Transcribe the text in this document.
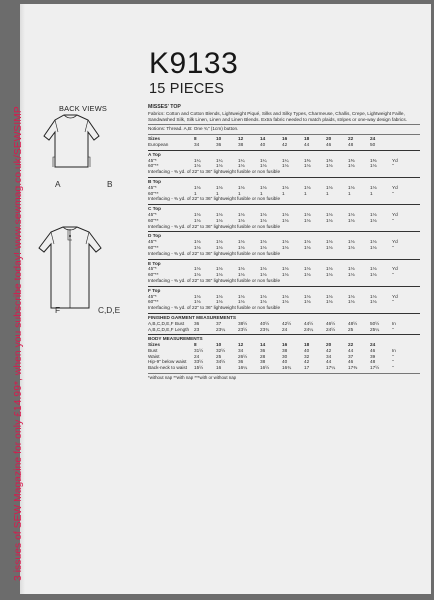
3 issues of SEW Magazine for only £14.99*, when you subscribe today! www.sewmag.co.uk/SEWSIMP
K9133
15 PIECES
BACK VIEWS
A	B
F	C,D,E
MISSES' TOP
Fabrics: Cotton and Cotton Blends, Lightweight Piqué, Silks and Silky Types, Charmeuse, Challis, Crepe, Lightweight Faille, Sandwashed Silk, Silk Linen, Linen and Linen Blends. Extra fabric needed to match plaids, stripes or one-way design fabrics.
Notions: Thread. A,B: One ¾" (1cm) button.
Sizes	8	10	12	14	16	18	20	22	24
European	34	36	38	40	42	44	46	48	50
A Top
45"*	1¼	1¼	1¼	1¼	1¼	1⅜	1⅜	1⅜	1⅜	Yd
60"**	1⅛	1⅛	1⅛	1⅛	1⅛	1⅛	1⅛	1⅛	1⅛	"
Interfacing - ⅜ yd. of 22" to 36" lightweight fusible or non fusible
B Top
45"*	1⅛	1⅛	1⅛	1⅛	1⅛	1⅛	1⅛	1⅛	1⅛	Yd
60"**	1	1	1	1	1	1	1	1	1	"
Interfacing - ⅜ yd. of 22" to 36" lightweight fusible or non fusible
C Top
45"*	1⅛	1⅛	1⅛	1⅛	1⅛	1⅛	1⅛	1⅛	1⅛	Yd
60"**	1⅛	1⅛	1⅛	1⅛	1⅛	1⅛	1⅛	1⅛	1⅛	"
Interfacing - ⅜ yd. of 22" to 36" lightweight fusible or non fusible
D Top
45"*	1⅛	1⅛	1⅛	1⅛	1⅛	1⅛	1⅛	1⅛	1⅛	Yd
60"**	1⅛	1⅛	1⅛	1⅛	1⅛	1⅛	1⅛	1⅛	1⅛	"
Interfacing - ⅜ yd. of 22" to 36" lightweight fusible or non fusible
E Top
45"*	1⅛	1⅛	1⅛	1⅛	1⅛	1⅛	1⅛	1⅛	1⅛	Yd
60"**	1⅛	1⅛	1⅛	1⅛	1⅛	1⅛	1⅛	1⅛	1⅛	"
Interfacing - ⅜ yd. of 22" to 36" lightweight fusible or non fusible
F Top
45"*	1⅛	1⅛	1⅛	1⅛	1⅛	1⅛	1⅛	1⅛	1⅛	Yd
60"**	1⅛	1⅛	1⅛	1⅛	1⅛	1⅛	1⅛	1⅛	1⅛	"
Interfacing - ⅜ yd. of 22" to 36" lightweight fusible or non fusible
FINISHED GARMENT MEASUREMENTS
A,B,C,D,E,F Bust	36	37	38½	40½	42½	44½	46½	48½	50½	In
A,B,C,D,E,F Length 23	23¼	23½	23¾	24	24¼	24½	25	25¼	"
BODY MEASUREMENTS
Sizes	8	10	12	14	16	18	20	22	24
Bust	31½	32½	34	36	38	40	42	44	46	In
Waist	24	25	26½	28	30	32	34	37	39	"
Hip-9" below waist	33½	34½	36	38	40	42	44	46	48	"
Back-neck to waist	15½	16	16¼	16½	16¾	17	17¼	17⅜	17½	"
*without nap **with nap ***with or without nap
